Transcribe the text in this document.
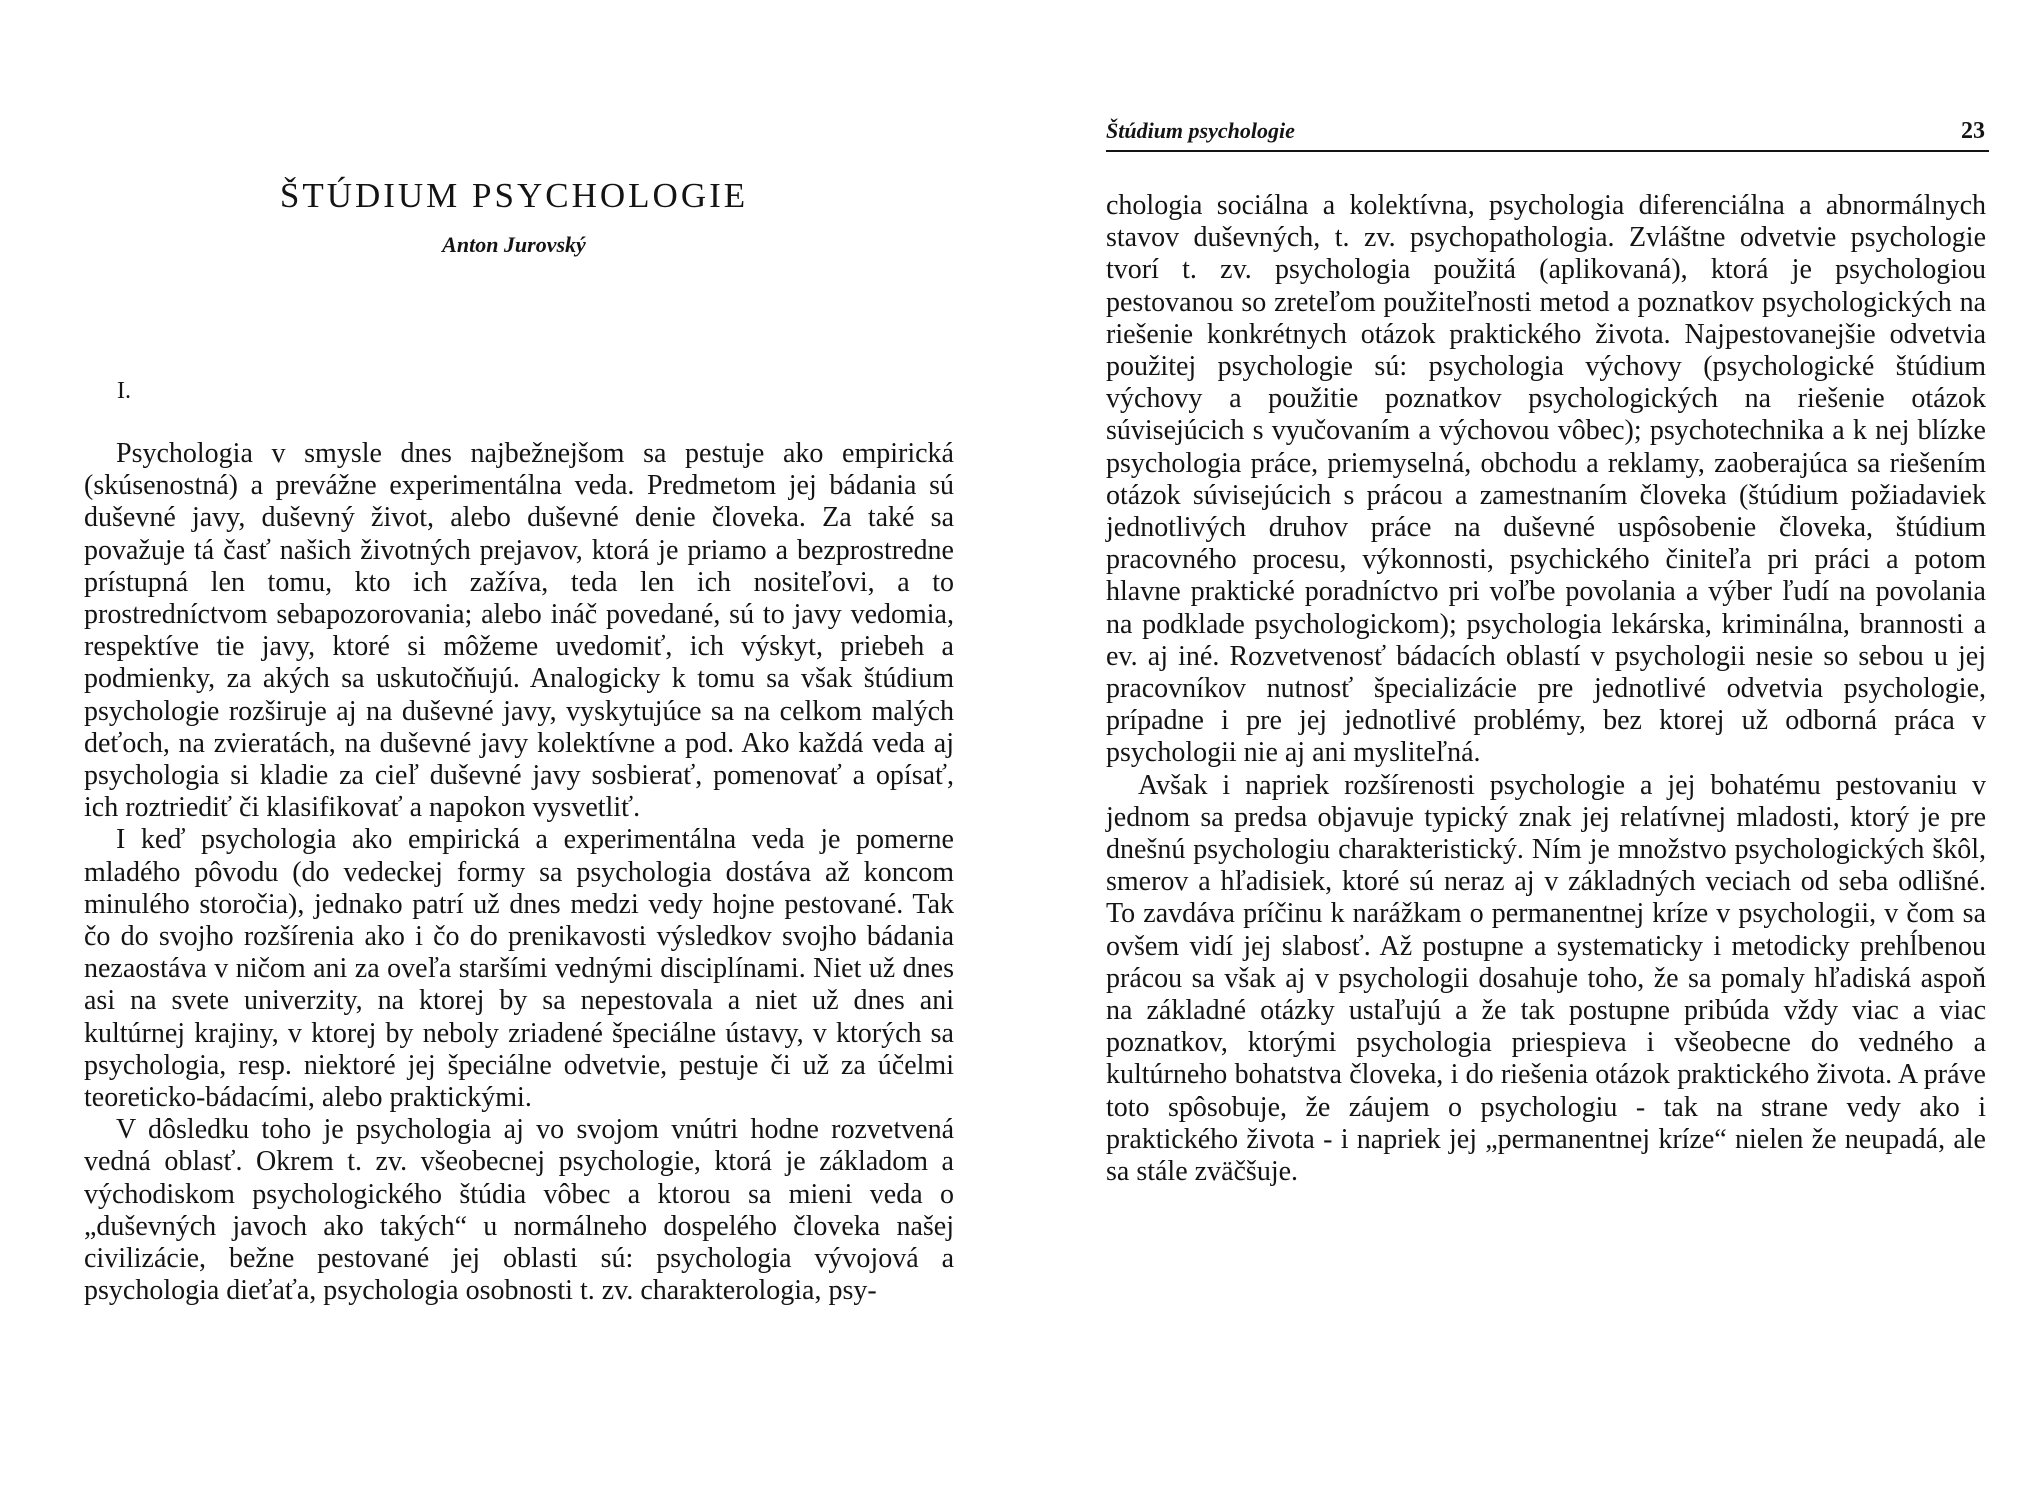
ŠTÚDIUM PSYCHOLOGIE
Anton Jurovský
I.

Psychologia v smysle dnes najbežnejšom sa pestuje ako empirická (skúsenostná) a prevážne experimentálna veda. Predmetom jej bádania sú duševné javy, duševný život, alebo duševné denie človeka. Za také sa považuje tá časť našich životných prejavov, ktorá je priamo a bezprostredne prístupná len tomu, kto ich zažíva, teda len ich nositeľovi, a to prostredníctvom sebapozorovania; alebo ináč povedané, sú to javy vedomia, respektíve tie javy, ktoré si môžeme uvedomiť, ich výskyt, priebeh a podmienky, za akých sa uskutočňujú. Analogicky k tomu sa však štúdium psychologie rozširuje aj na duševné javy, vyskytujúce sa na celkom malých deťoch, na zvieratách, na duševné javy kolektívne a pod. Ako každá veda aj psychologia si kladie za cieľ duševné javy sosbierať, pomenovať a opísať, ich roztriediť či klasifikovať a napokon vysvetliť.

I keď psychologia ako empirická a experimentálna veda je pomerne mladého pôvodu (do vedeckej formy sa psychologia dostáva až koncom minulého storočia), jednako patrí už dnes medzi vedy hojne pestované. Tak čo do svojho rozšírenia ako i čo do prenikavosti výsledkov svojho bádania nezaostáva v ničom ani za oveľa staršími vednými disciplínami. Niet už dnes asi na svete univerzity, na ktorej by sa nepestovala a niet už dnes ani kultúrnej krajiny, v ktorej by neboly zriadené špeciálne ústavy, v ktorých sa psychologia, resp. niektoré jej špeciálne odvetvie, pestuje či už za účelmi teoreticko-bádacími, alebo praktickými.

V dôsledku toho je psychologia aj vo svojom vnútri hodne rozvetvená vedná oblasť. Okrem t. zv. všeobecnej psychologie, ktorá je základom a východiskom psychologického štúdia vôbec a ktorou sa mieni veda o „duševných javoch ako takých“ u normálneho dospelého človeka našej civilizácie, bežne pestované jej oblasti sú: psychologia vývojová a psychologia dieťaťa, psychologia osobnosti t. zv. charakterologia, psy-

Štúdium psychologie	23

chologia sociálna a kolektívna, psychologia diferenciálna a abnormálnych stavov duševných, t. zv. psychopathologia. Zvláštne odvetvie psychologie tvorí t. zv. psychologia použitá (aplikovaná), ktorá je psychologiou pestovanou so zreteľom použiteľnosti metod a poznatkov psychologických na riešenie konkrétnych otázok praktického života. Najpestovanejšie odvetvia použitej psychologie sú: psychologia výchovy (psychologické štúdium výchovy a použitie poznatkov psychologických na riešenie otázok súvisejúcich s vyučovaním a výchovou vôbec); psychotechnika a k nej blízke psychologia práce, priemyselná, obchodu a reklamy, zaoberajúca sa riešením otázok súvisejúcich s prácou a zamestnaním človeka (štúdium požiadaviek jednotlivých druhov práce na duševné uspôsobenie človeka, štúdium pracovného procesu, výkonnosti, psychického činiteľa pri práci a potom hlavne praktické poradníctvo pri voľbe povolania a výber ľudí na povolania na podklade psychologickom); psychologia lekárska, kriminálna, brannosti a ev. aj iné. Rozvetvenosť bádacích oblastí v psychologii nesie so sebou u jej pracovníkov nutnosť špecializácie pre jednotlivé odvetvia psychologie, prípadne i pre jej jednotlivé problémy, bez ktorej už odborná práca v psychologii nie aj ani mysliteľná.

Avšak i napriek rozšírenosti psychologie a jej bohatému pestovaniu v jednom sa predsa objavuje typický znak jej relatívnej mladosti, ktorý je pre dnešnú psychologiu charakteristický. Ním je množstvo psychologických škôl, smerov a hľadisiek, ktoré sú neraz aj v základných veciach od seba odlišné. To zavdáva príčinu k narážkam o permanentnej kríze v psychologii, v čom sa ovšem vidí jej slabosť. Až postupne a systematicky i metodicky prehĺbenou prácou sa však aj v psychologii dosahuje toho, že sa pomaly hľadiská aspoň na základné otázky ustaľujú a že tak postupne pribúda vždy viac a viac poznatkov, ktorými psychologia priespieva i všeobecne do vedného a kultúrneho bohatstva človeka, i do riešenia otázok praktického života. A práve toto spôsobuje, že záujem o psychologiu - tak na strane vedy ako i praktického života - i napriek jej „permanentnej kríze“ nielen že neupadá, ale sa stále zväčšuje.
